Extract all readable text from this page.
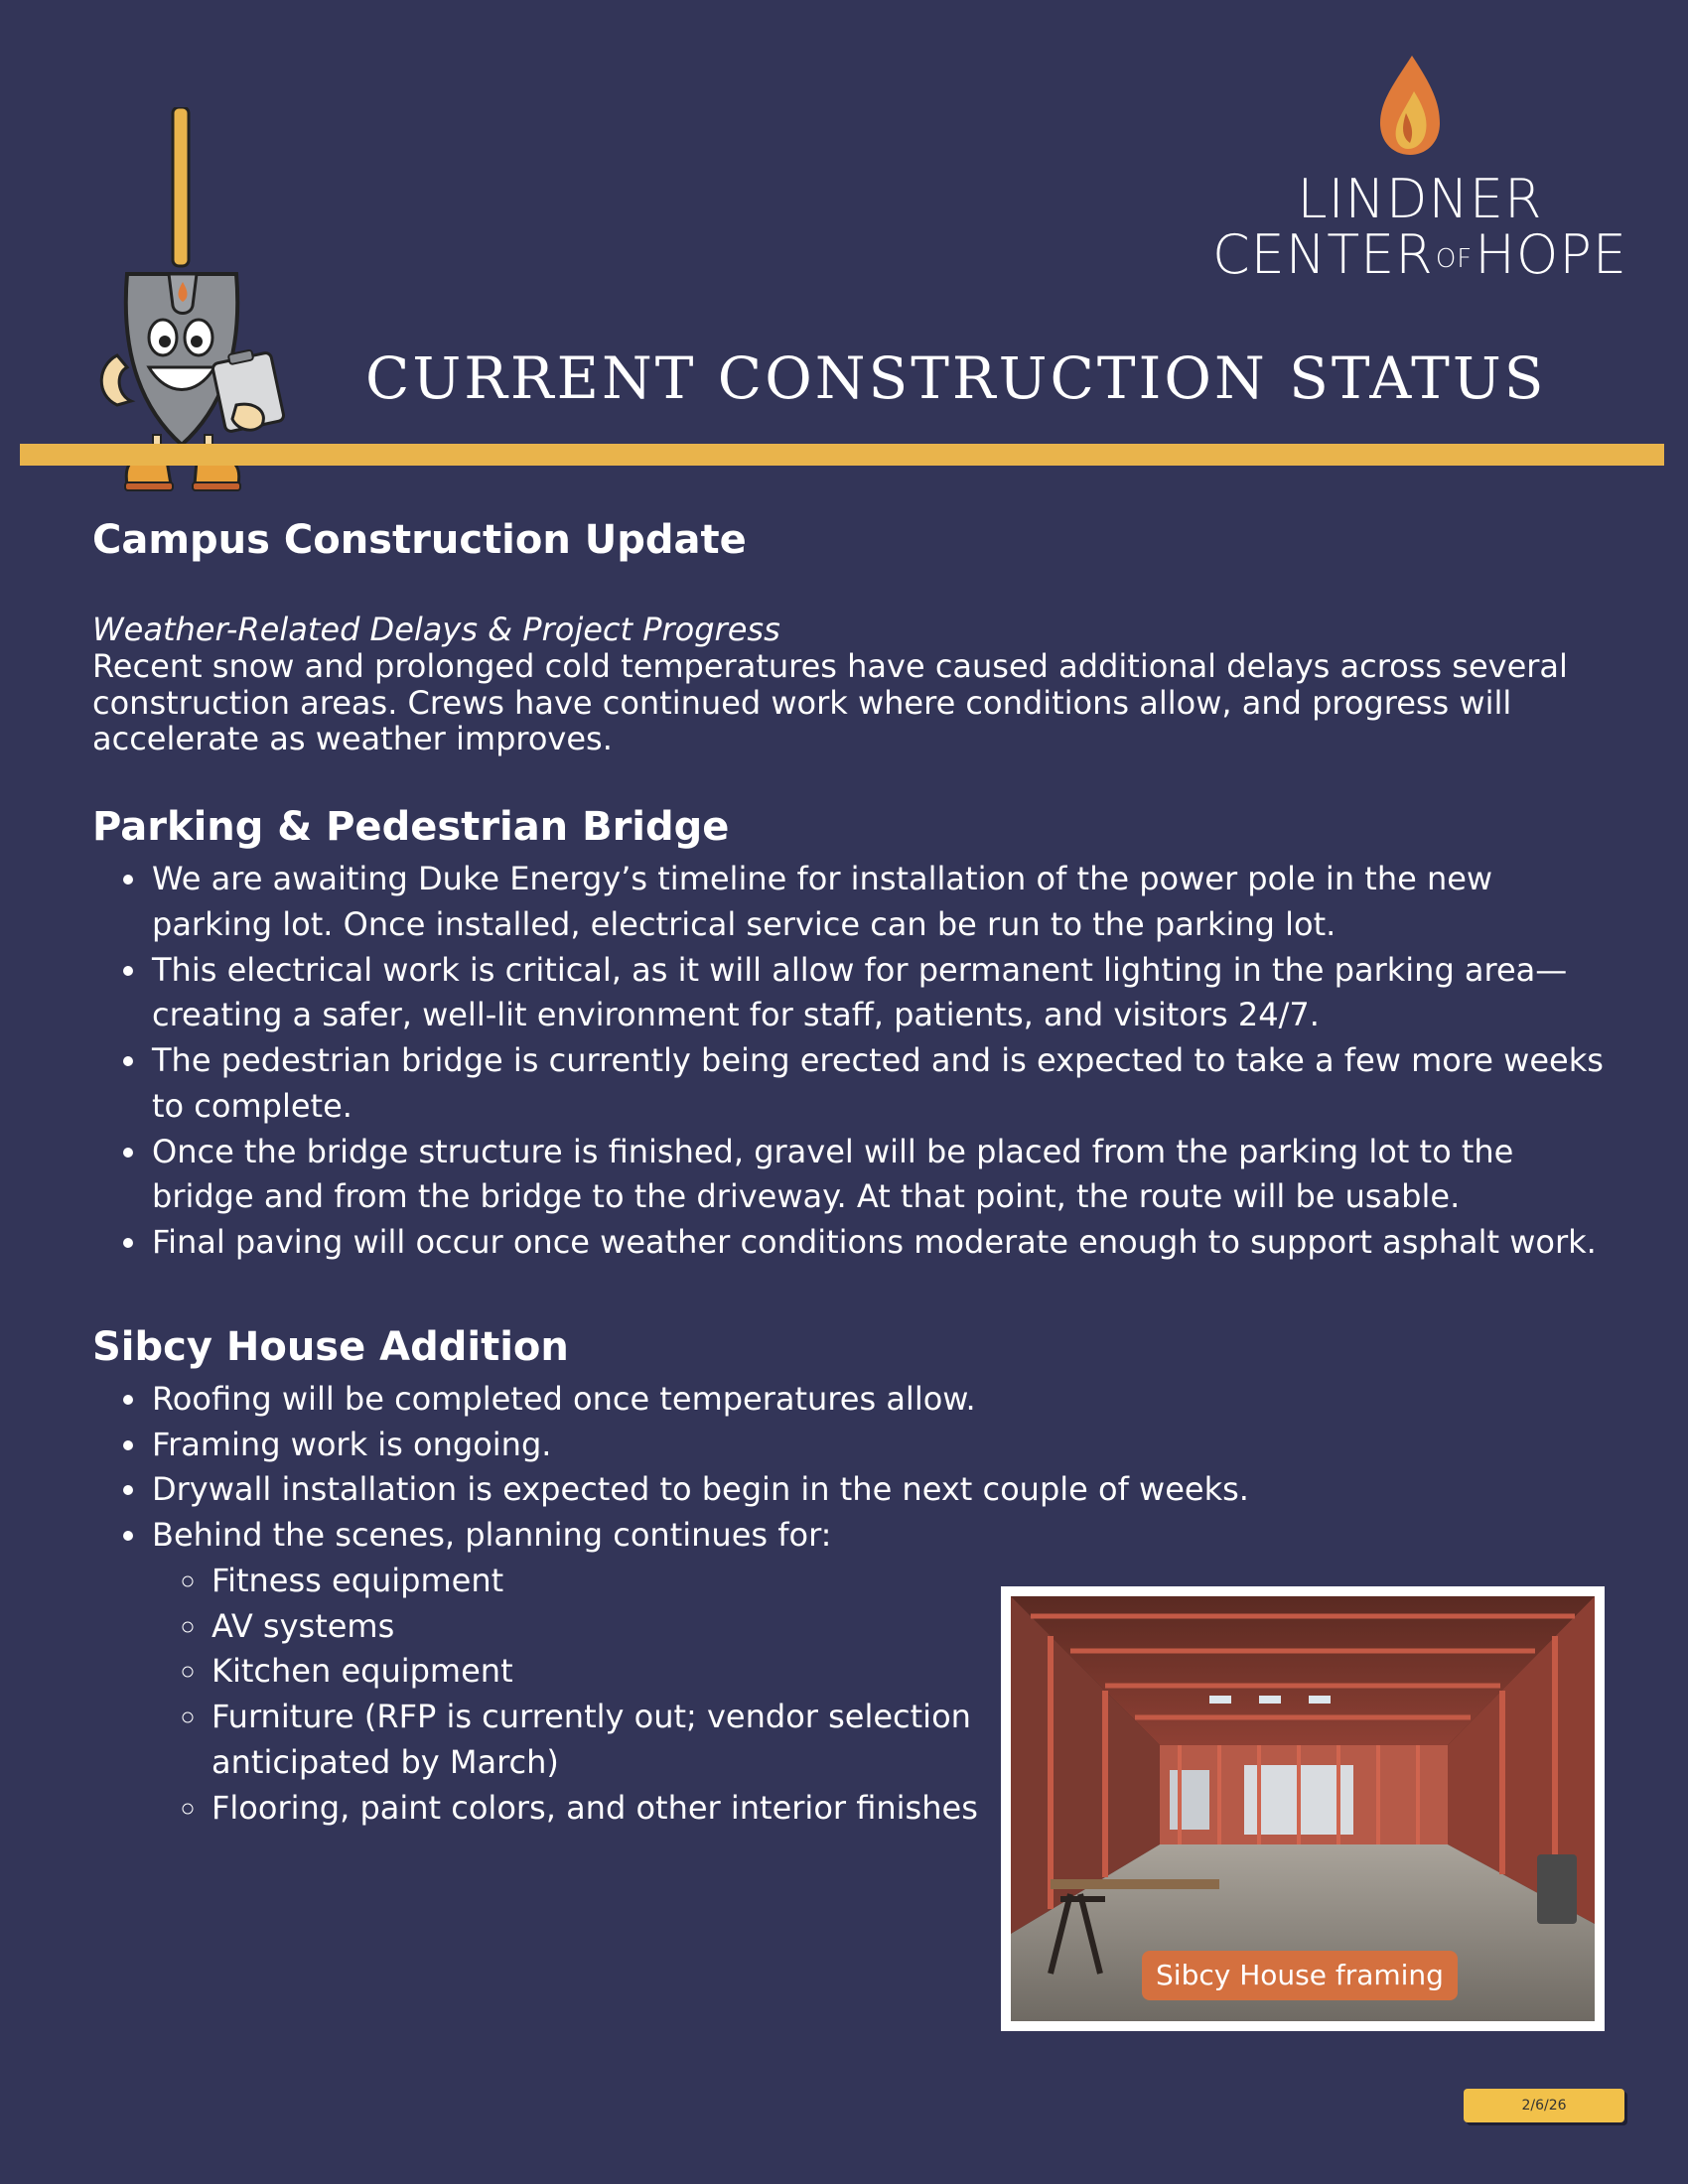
LINDNER
CENTEROFHOPE
CURRENT CONSTRUCTION STATUS
Campus Construction Update
Weather-Related Delays & Project Progress

Recent snow and prolonged cold temperatures have caused additional delays across several construction areas. Crews have continued work where conditions allow, and progress will accelerate as weather improves.

Parking & Pedestrian Bridge
• We are awaiting Duke Energy’s timeline for installation of the power pole in the new parking lot. Once installed, electrical service can be run to the parking lot.
• This electrical work is critical, as it will allow for permanent lighting in the parking area—creating a safer, well-lit environment for staff, patients, and visitors 24/7.
• The pedestrian bridge is currently being erected and is expected to take a few more weeks to complete.
• Once the bridge structure is finished, gravel will be placed from the parking lot to the bridge and from the bridge to the driveway. At that point, the route will be usable.
• Final paving will occur once weather conditions moderate enough to support asphalt work.
Sibcy House Addition
• Roofing will be completed once temperatures allow.
• Framing work is ongoing.
• Drywall installation is expected to begin in the next couple of weeks.
• Behind the scenes, planning continues for:
◦ Fitness equipment
◦ AV systems
◦ Kitchen equipment
◦ Furniture (RFP is currently out; vendor selection anticipated by March)
◦ Flooring, paint colors, and other interior finishes
Sibcy House framing
2/6/26
